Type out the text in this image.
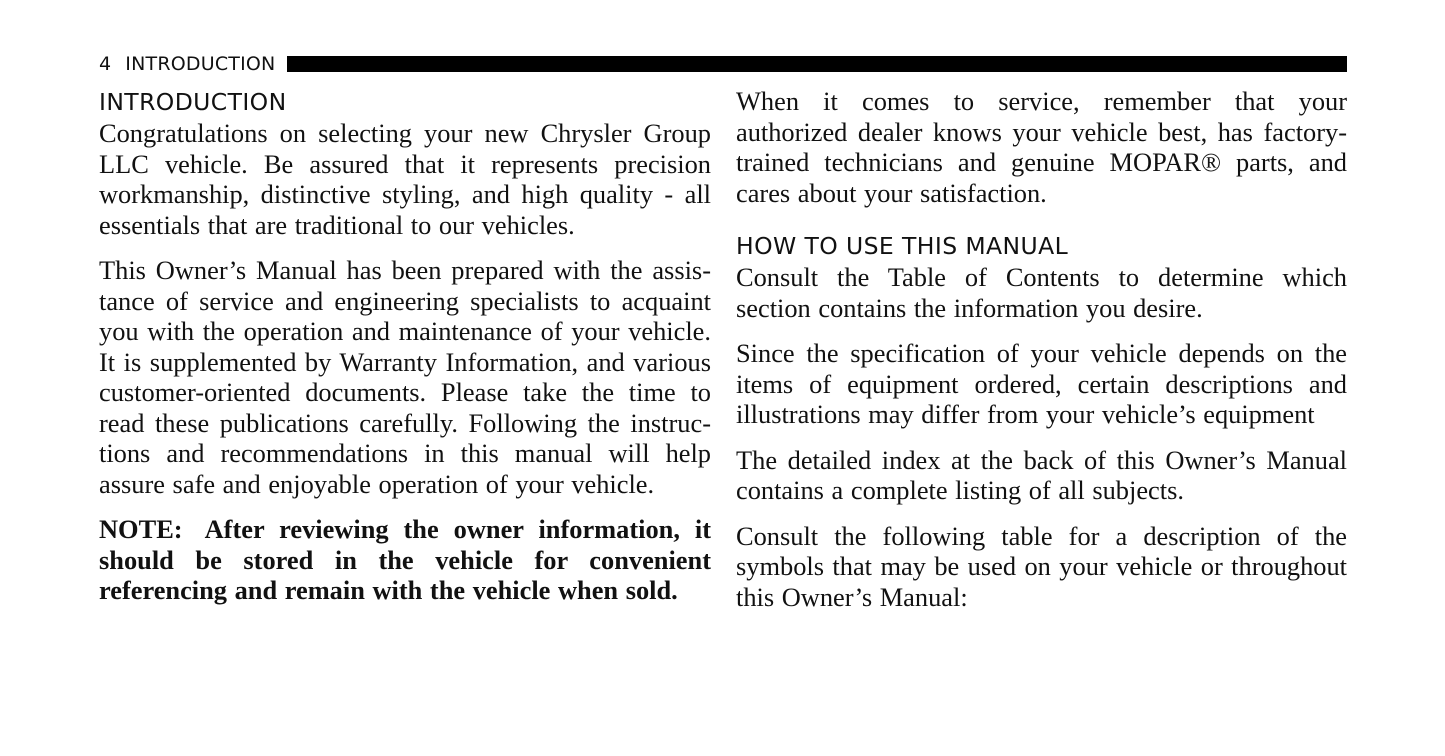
4 INTRODUCTION
INTRODUCTION

Congratulations on selecting your new Chrysler Group LLC vehicle. Be assured that it represents precision workmanship, distinctive styling, and high quality - all essentials that are traditional to our vehicles.

This Owner’s Manual has been prepared with the assistance of service and engineering specialists to acquaint you with the operation and maintenance of your vehicle. It is supplemented by Warranty Information, and various customer-oriented documents. Please take the time to read these publications carefully. Following the instructions and recommendations in this manual will help assure safe and enjoyable operation of your vehicle.

NOTE: After reviewing the owner information, it should be stored in the vehicle for convenient referencing and remain with the vehicle when sold.

When it comes to service, remember that your authorized dealer knows your vehicle best, has factory-trained technicians and genuine MOPAR® parts, and cares about your satisfaction.

HOW TO USE THIS MANUAL

Consult the Table of Contents to determine which section contains the information you desire.

Since the specification of your vehicle depends on the items of equipment ordered, certain descriptions and illustrations may differ from your vehicle’s equipment

The detailed index at the back of this Owner’s Manual contains a complete listing of all subjects.

Consult the following table for a description of the symbols that may be used on your vehicle or throughout this Owner’s Manual:
